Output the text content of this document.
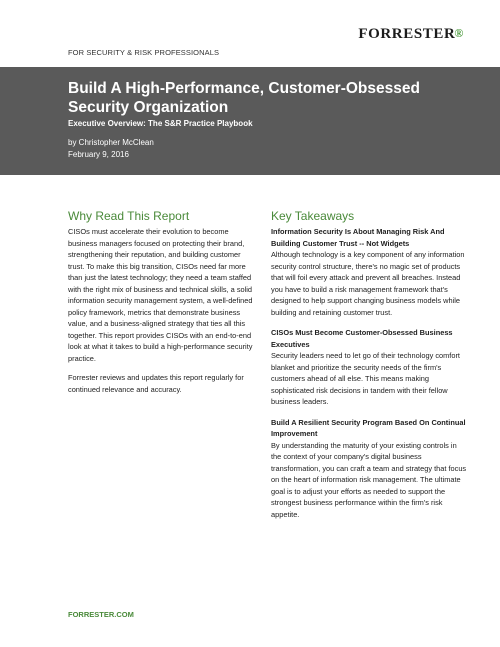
FORRESTER®
FOR SECURITY & RISK PROFESSIONALS
Build A High-Performance, Customer-Obsessed Security Organization
Executive Overview: The S&R Practice Playbook
by Christopher McClean
February 9, 2016
Why Read This Report	Key Takeaways

CISOs must accelerate their evolution to become business managers focused on protecting their brand, strengthening their reputation, and building customer trust. To make this big transition, CISOs need far more than just the latest technology; they need a team staffed with the right mix of business and technical skills, a solid information security management system, a well-defined policy framework, metrics that demonstrate business value, and a business-aligned strategy that ties all this together. This report provides CISOs with an end-to-end look at what it takes to build a high-performance security practice.

Forrester reviews and updates this report regularly for continued relevance and accuracy.

Information Security Is About Managing Risk And Building Customer Trust -- Not Widgets

Although technology is a key component of any information security control structure, there's no magic set of products that will foil every attack and prevent all breaches. Instead you have to build a risk management framework that's designed to help support changing business models while building and retaining customer trust.

CISOs Must Become Customer-Obsessed Business Executives

Security leaders need to let go of their technology comfort blanket and prioritize the security needs of the firm's customers ahead of all else. This means making sophisticated risk decisions in tandem with their fellow business leaders.

Build A Resilient Security Program Based On Continual Improvement

By understanding the maturity of your existing controls in the context of your company's digital business transformation, you can craft a team and strategy that focus on the heart of information risk management. The ultimate goal is to adjust your efforts as needed to support the strongest business performance within the firm's risk appetite.

FORRESTER.COM
